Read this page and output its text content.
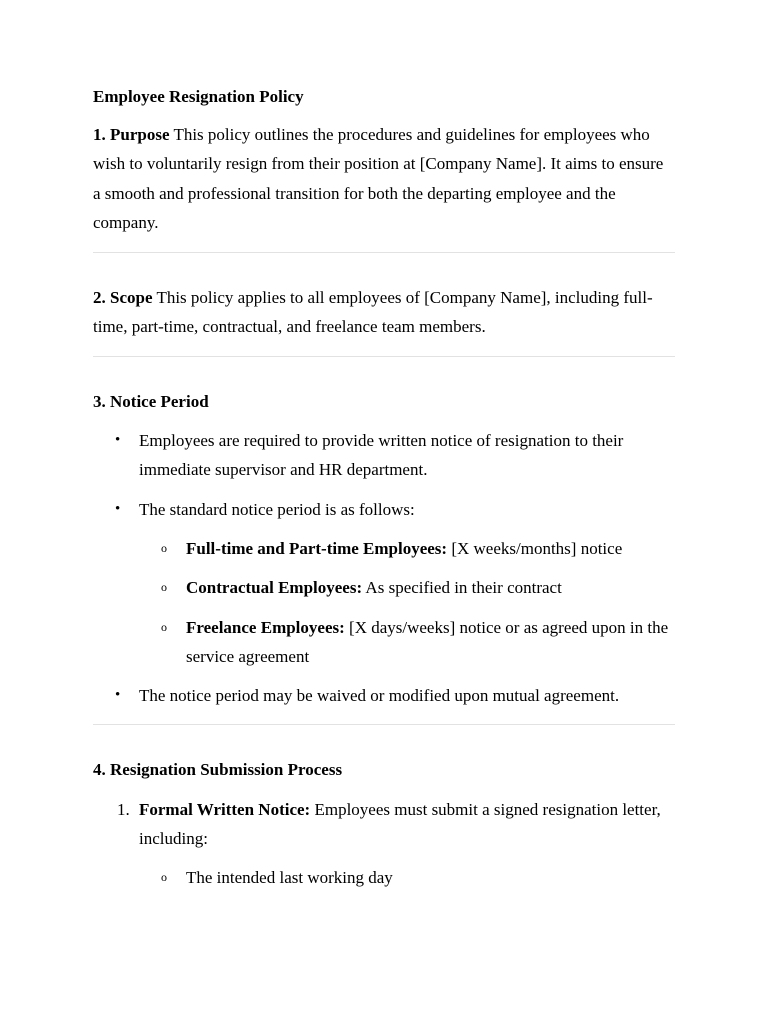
Employee Resignation Policy

1. Purpose This policy outlines the procedures and guidelines for employees who wish to voluntarily resign from their position at [Company Name]. It aims to ensure a smooth and professional transition for both the departing employee and the company.

2. Scope This policy applies to all employees of [Company Name], including full-time, part-time, contractual, and freelance team members.

3. Notice Period

•	Employees are required to provide written notice of resignation to their immediate supervisor and HR department.
•	The standard notice period is as follows:
o Full-time and Part-time Employees: [X weeks/months] notice
o Contractual Employees: As specified in their contract
o Freelance Employees: [X days/weeks] notice or as agreed upon in the service agreement
•	The notice period may be waived or modified upon mutual agreement.

4. Resignation Submission Process

1. Formal Written Notice: Employees must submit a signed resignation letter, including:
o The intended last working day
